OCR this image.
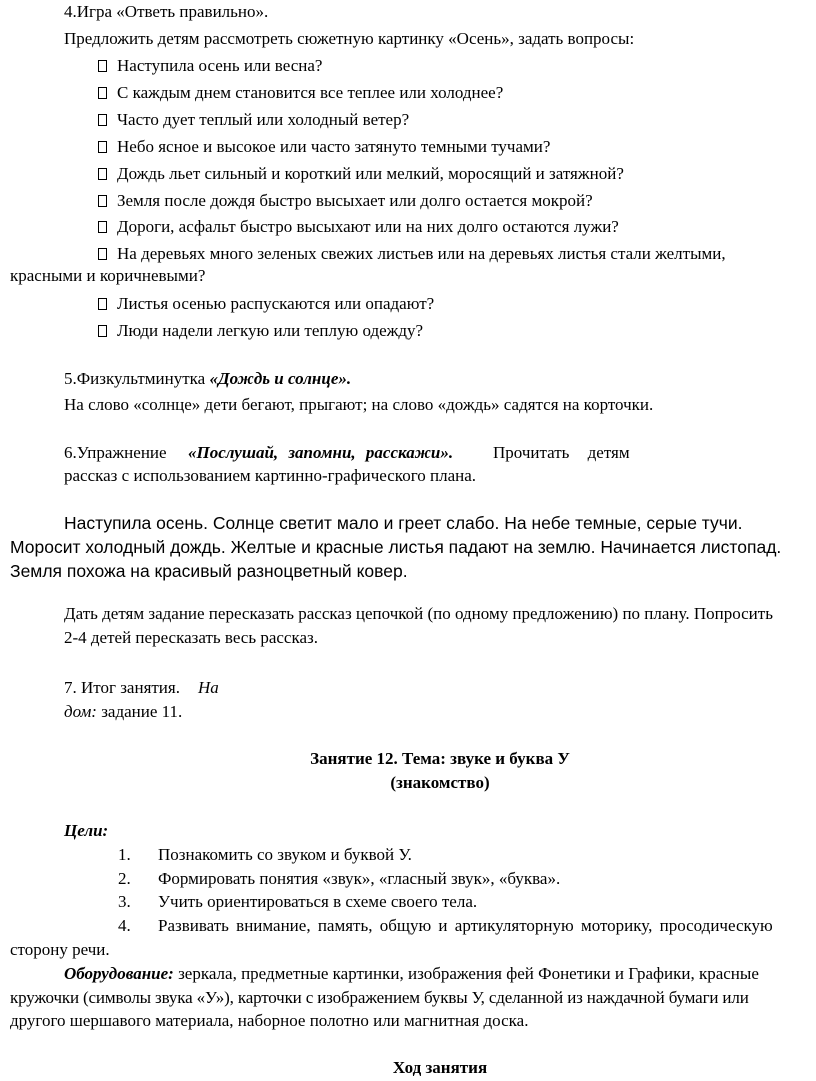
4.Игра «Ответь правильно».
Предложить детям рассмотреть сюжетную картинку «Осень», задать вопросы:
Наступила осень или весна?
С каждым днем становится все теплее или холоднее?
Часто дует теплый или холодный ветер?
Небо ясное и высокое или часто затянуто темными тучами?
Дождь льет сильный и короткий или мелкий, моросящий и затяжной?
Земля после дождя быстро высыхает или долго остается мокрой?
Дороги, асфальт быстро высыхают или на них долго остаются лужи?
На деревьях много зеленых свежих листьев или на деревьях листья стали желтыми,
красными и коричневыми?
Листья осенью распускаются или опадают?
Люди надели легкую или теплую одежду?
5.Физкультминутка «Дождь и солнце».
На слово «солнце» дети бегают, прыгают; на слово «дождь» садятся на корточки.
6.Упражнение «Послушай, запомни, расскажи». Прочитать детям
рассказ с использованием картинно-графического плана.
Наступила осень. Солнце светит мало и греет слабо. На небе темные, серые тучи.
Моросит холодный дождь. Желтые и красные листья падают на землю. Начинается листопад.
Земля похожа на красивый разноцветный ковер.
Дать детям задание пересказать рассказ цепочкой (по одному предложению) по плану. Попросить
2-4 детей пересказать весь рассказ.
7. Итог занятия. На
дом: задание 11.
Занятие 12. Тема: звуке и буква У
(знакомство)
Цели:
1. Познакомить со звуком и буквой У.
2. Формировать понятия «звук», «гласный звук», «буква».
3. Учить ориентироваться в схеме своего тела.
4. Развивать внимание, память, общую и артикуляторную моторику, просодическую
сторону речи.
Оборудование: зеркала, предметные картинки, изображения фей Фонетики и Графики, красные
кружочки (символы звука «У»), карточки с изображением буквы У, сделанной из наждачной бумаги или
другого шершавого материала, наборное полотно или магнитная доска.
Ход занятия
